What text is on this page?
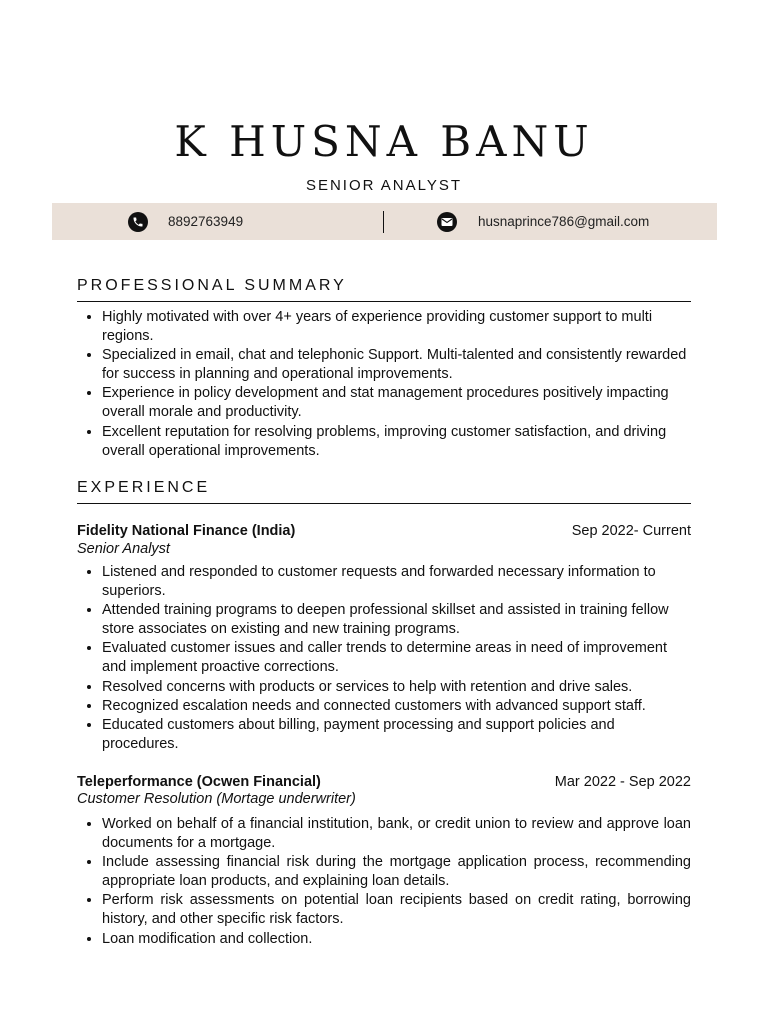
K HUSNA BANU
SENIOR ANALYST
8892763949	husnaprince786@gmail.com
PROFESSIONAL SUMMARY
• Highly motivated with over 4+ years of experience providing customer support to multi regions.
• Specialized in email, chat and telephonic Support. Multi-talented and consistently rewarded for success in planning and operational improvements.
• Experience in policy development and stat management procedures positively impacting overall morale and productivity.
• Excellent reputation for resolving problems, improving customer satisfaction, and driving overall operational improvements.
EXPERIENCE
Fidelity National Finance (India)	Sep 2022- Current
Senior Analyst
• Listened and responded to customer requests and forwarded necessary information to superiors.
• Attended training programs to deepen professional skillset and assisted in training fellow store associates on existing and new training programs.
• Evaluated customer issues and caller trends to determine areas in need of improvement and implement proactive corrections.
• Resolved concerns with products or services to help with retention and drive sales.
• Recognized escalation needs and connected customers with advanced support staff.
• Educated customers about billing, payment processing and support policies and procedures.
Teleperformance (Ocwen Financial)	Mar 2022 - Sep 2022
Customer Resolution (Mortage underwriter)
• Worked on behalf of a financial institution, bank, or credit union to review and approve loan documents for a mortgage.
• Include assessing financial risk during the mortgage application process, recommending appropriate loan products, and explaining loan details.
• Perform risk assessments on potential loan recipients based on credit rating, borrowing history, and other specific risk factors.
• Loan modification and collection.
